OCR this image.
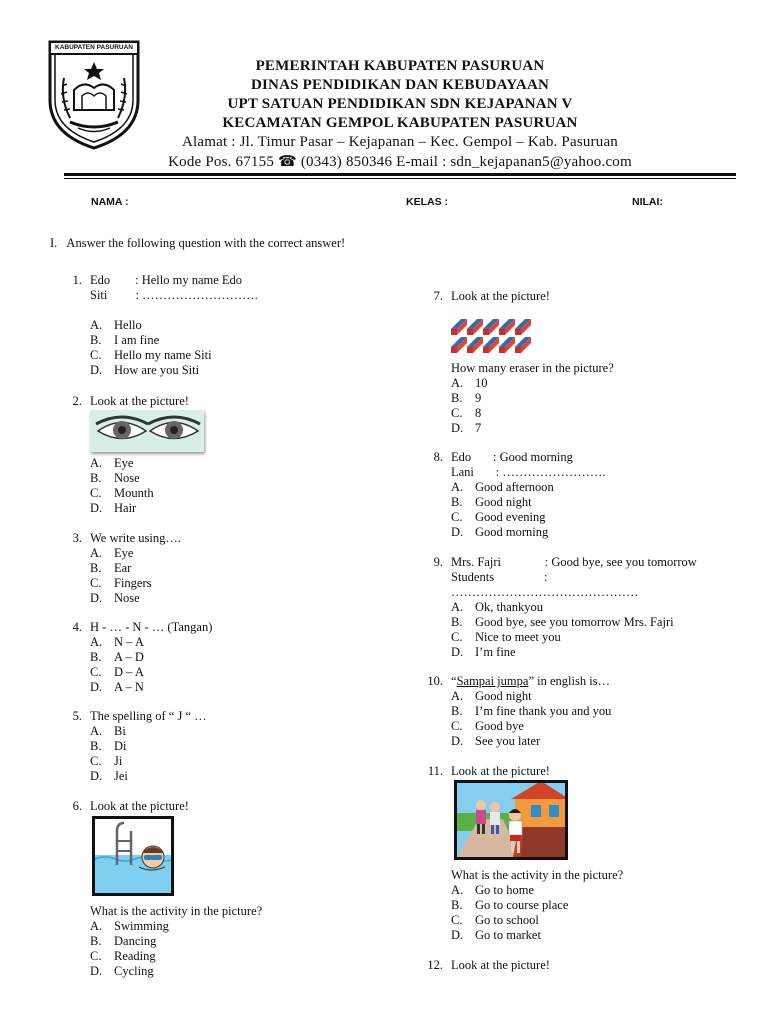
KABUPATEN PASURUAN
PEMERINTAH KABUPATEN PASURUAN
DINAS PENDIDIKAN DAN KEBUDAYAAN
UPT SATUAN PENDIDIKAN SDN KEJAPANAN V
KECAMATAN GEMPOL KABUPATEN PASURUAN
Alamat : Jl. Timur Pasar – Kejapanan – Kec. Gempol – Kab. Pasuruan
Kode Pos. 67155 ☎ (0343) 850346 E-mail : sdn_kejapanan5@yahoo.com
NAMA :	KELAS :	NILAI:
I. Answer the following question with the correct answer!
1. Edo        : Hello my name Edo
Siti         : ……………………….
A. Hello
B. I am fine
C. Hello my name Siti
D. How are you Siti
2. Look at the picture!
A. Eye
B. Nose
C. Mounth
D. Hair
3. We write using….
A. Eye
B. Ear
C. Fingers
D. Nose
4. H - … - N - … (Tangan)
A. N – A
B. A – D
C. D – A
D. A – N
5. The spelling of “ J “ …
A. Bi
B. Di
C. Ji
D. Jei
6. Look at the picture!
What is the activity in the picture?
A. Swimming
B. Dancing
C. Reading
D. Cycling
7. Look at the picture!
How many eraser in the picture?
A. 10
B. 9
C. 8
D. 7
8. Edo       : Good morning
Lani       : …………………….
A. Good afternoon
B. Good night
C. Good evening
D. Good morning
9. Mrs. Fajri              : Good bye, see you tomorrow
Students                :
………………………………………
A. Ok, thankyou
B. Good bye, see you tomorrow Mrs. Fajri
C. Nice to meet you
D. I’m fine
10. “Sampai jumpa” in english is…
A. Good night
B. I’m fine thank you and you
C. Good bye
D. See you later
11. Look at the picture!
What is the activity in the picture?
A. Go to home
B. Go to course place
C. Go to school
D. Go to market
12. Look at the picture!
